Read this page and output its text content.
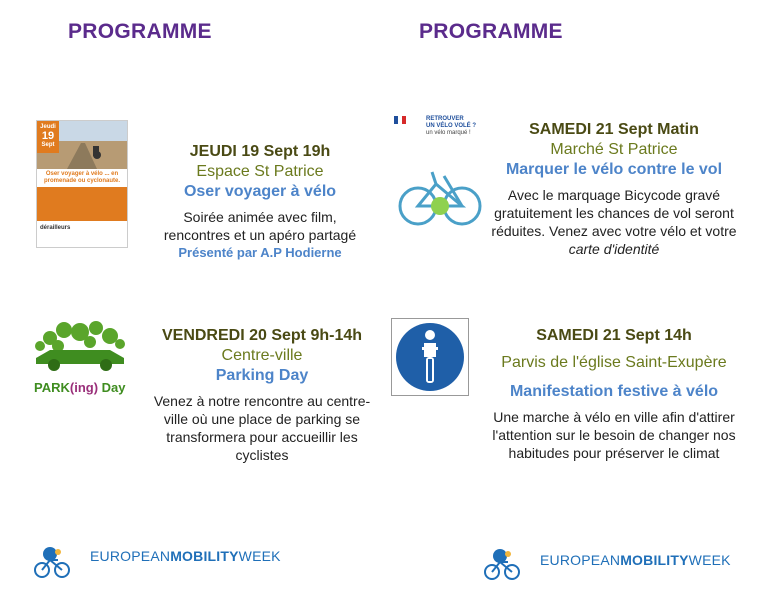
PROGRAMME	PROGRAMME
Jeudi
19
Sept
Oser voyager à vélo ... en promenade ou cyclonaute.
dérailleurs
JEUDI 19 Sept 19h
Espace St Patrice
Oser voyager à vélo
Soirée animée avec film, rencontres et un apéro partagé
Présenté par A.P Hodierne
PARK(ing) Day
VENDREDI 20 Sept 9h-14h
Centre-ville
Parking Day
Venez à notre rencontre au centre-ville où une place de parking se transformera pour accueillir les cyclistes
RETROUVER
UN VÉLO VOLÉ ?
un vélo marqué !	SAMEDI 21 Sept Matin
Marché St Patrice
Marquer le vélo contre le vol
Avec le marquage Bicycode gravé gratuitement les chances de vol seront réduites. Venez avec votre vélo et votre carte d'identité
SAMEDI 21 Sept 14h
Parvis de l'église Saint-Exupère
Manifestation festive à vélo
Une marche à vélo en ville afin d'attirer l'attention sur le besoin de changer nos habitudes pour préserver le climat
EUROPEANMOBILITYWEEK	EUROPEANMOBILITYWEEK
